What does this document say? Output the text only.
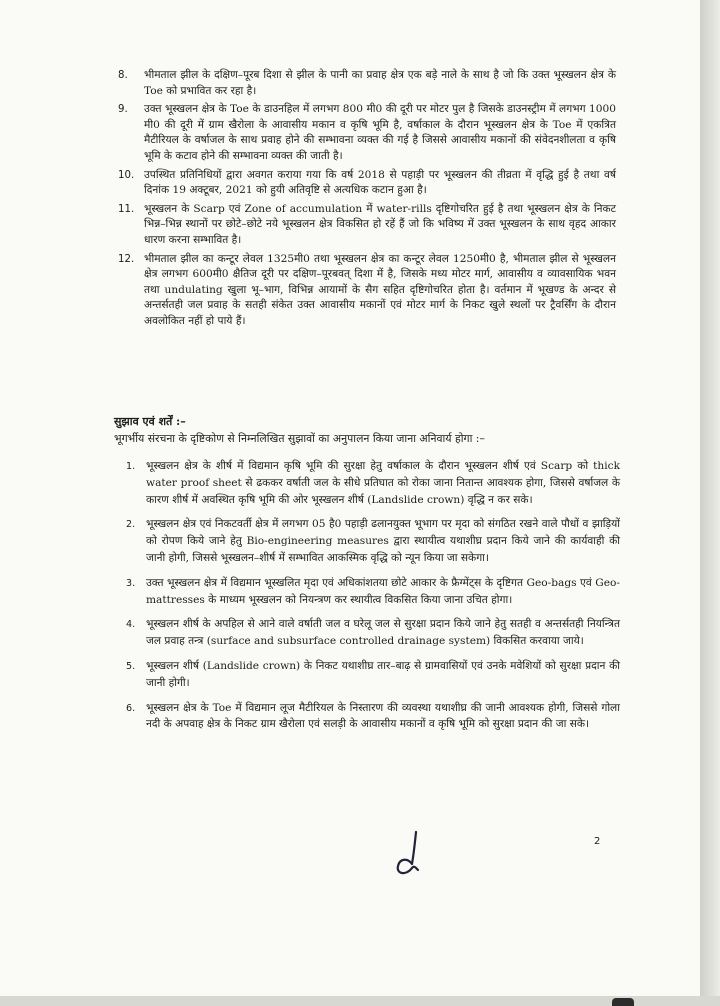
8. भीमताल झील के दक्षिण–पूरब दिशा से झील के पानी का प्रवाह क्षेत्र एक बड़े नाले के साथ है जो कि उक्त भूस्खलन क्षेत्र के Toe को प्रभावित कर रहा है।
9. उक्त भूस्खलन क्षेत्र के Toe के डाउनहिल में लगभग 800 मी0 की दूरी पर मोटर पुल है जिसके डाउनस्ट्रीम में लगभग 1000 मी0 की दूरी में ग्राम खैरोला के आवासीय मकान व कृषि भूमि है, वर्षाकाल के दौरान भूस्खलन क्षेत्र के Toe में एकत्रित मैटीरियल के वर्षाजल के साथ प्रवाह होने की सम्भावना व्यक्त की गई है जिससे आवासीय मकानों की संवेदनशीलता व कृषि भूमि के कटाव होने की सम्भावना व्यक्त की जाती है।
10. उपस्थित प्रतिनिधियों द्वारा अवगत कराया गया कि वर्ष 2018 से पहाड़ी पर भूस्खलन की तीव्रता में वृद्धि हुई है तथा वर्ष दिनांक 19 अक्टूबर, 2021 को हुयी अतिवृष्टि से अत्यधिक कटान हुआ है।
11. भूस्खलन के Scarp एवं Zone of accumulation में water-rills दृष्टिगोचरित हुई है तथा भूस्खलन क्षेत्र के निकट भिन्न–भिन्न स्थानों पर छोटे–छोटे नये भूस्खलन क्षेत्र विकसित हो रहें हैं जो कि भविष्य में उक्त भूस्खलन के साथ वृहद आकार धारण करना सम्भावित है।
12. भीमताल झील का कन्टूर लेवल 1325मी0 तथा भूस्खलन क्षेत्र का कन्टूर लेवल 1250मी0 है, भीमताल झील से भूस्खलन क्षेत्र लगभग 600मी0 क्षैतिज दूरी पर दक्षिण–पूरबवत् दिशा में है, जिसके मध्य मोटर मार्ग, आवासीय व व्यावसायिक भवन तथा undulating खुला भू–भाग, विभिन्न आयामों के सैग सहित दृष्टिगोचरित होता है। वर्तमान में भूखण्ड के अन्दर से अन्तर्सतही जल प्रवाह के सतही संकेत उक्त आवासीय मकानों एवं मोटर मार्ग के निकट खुले स्थलों पर ट्रैवर्सिंग के दौरान अवलोकित नहीं हो पाये हैं।
सुझाव एवं शर्तें :–

भूगर्भीय संरचना के दृष्टिकोण से निम्नलिखित सुझावों का अनुपालन किया जाना अनिवार्य होगा :–

1. भूस्खलन क्षेत्र के शीर्ष में विद्यमान कृषि भूमि की सुरक्षा हेतु वर्षाकाल के दौरान भूस्खलन शीर्ष एवं Scarp को thick water proof sheet से ढककर वर्षाती जल के सीधे प्रतिघात को रोका जाना नितान्त आवश्यक होगा, जिससे वर्षाजल के कारण शीर्ष में अवस्थित कृषि भूमि की ओर भूस्खलन शीर्ष (Landslide crown) वृद्धि न कर सके।
2. भूस्खलन क्षेत्र एवं निकटवर्ती क्षेत्र में लगभग 05 है0 पहाड़ी ढलानयुक्त भूभाग पर मृदा को संगठित रखने वाले पौधों व झाड़ियों को रोपण किये जाने हेतु Bio-engineering measures द्वारा स्थायीत्व यथाशीघ्र प्रदान किये जाने की कार्यवाही की जानी होगी, जिससे भूस्खलन–शीर्ष में सम्भावित आकस्मिक वृद्धि को न्यून किया जा सकेगा।
3. उक्त भूस्खलन क्षेत्र में विद्यमान भूस्खलित मृदा एवं अधिकांशतया छोटे आकार के फ्रैग्मेंट्स के दृष्टिगत Geo-bags एवं Geo-mattresses के माध्यम भूस्खलन को नियन्त्रण कर स्थायीत्व विकसित किया जाना उचित होगा।
4. भूस्खलन शीर्ष के अपहिल से आने वाले वर्षाती जल व घरेलू जल से सुरक्षा प्रदान किये जाने हेतु सतही व अन्तर्सतही नियन्त्रित जल प्रवाह तन्त्र (surface and subsurface controlled drainage system) विकसित करवाया जाये।
5. भूस्खलन शीर्ष (Landslide crown) के निकट यथाशीघ्र तार–बाढ़ से ग्रामवासियों एवं उनके मवेशियों को सुरक्षा प्रदान की जानी होगी।
6. भूस्खलन क्षेत्र के Toe में विद्यमान लूज मैटीरियल के निस्तारण की व्यवस्था यथाशीघ्र की जानी आवश्यक होगी, जिससे गोला नदी के अपवाह क्षेत्र के निकट ग्राम खैरोला एवं सलड़ी के आवासीय मकानों व कृषि भूमि को सुरक्षा प्रदान की जा सके।
2
